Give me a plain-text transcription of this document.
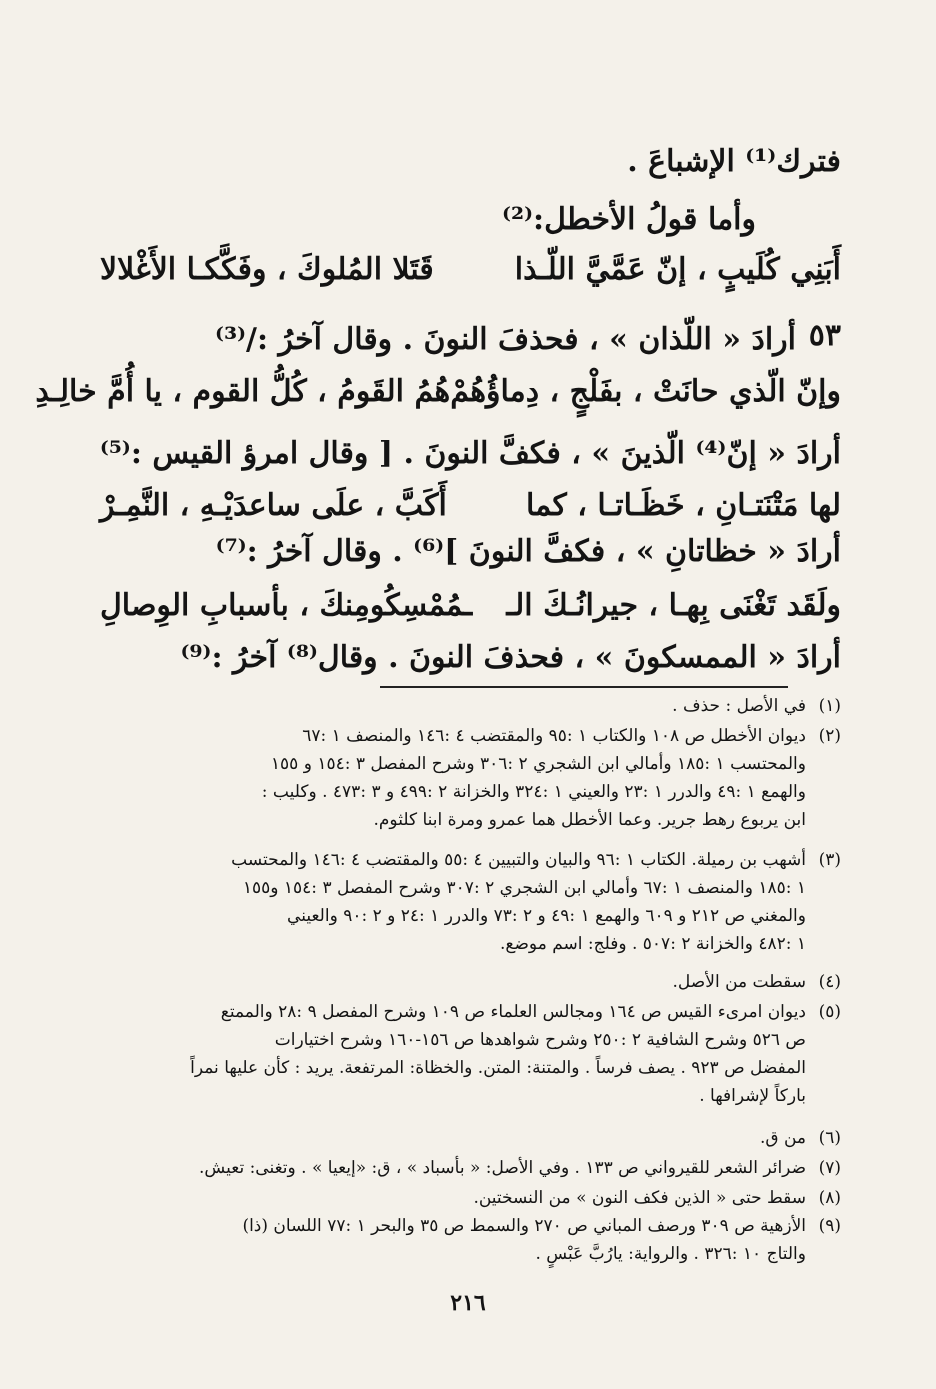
فترك⁽¹⁾ الإشباعَ .
وأما قولُ الأخطل:⁽²⁾
أَبَنِي كُلَيبٍ ، إنّ عَمَّيَّ اللّـذا
قَتَلا المُلوكَ ، وفَكَّكـا الأَغْلالا
٥٣
أرادَ « اللّذان » ، فحذفَ النونَ . وقال آخرُ :/⁽³⁾
وإنّ الّذي حانَتْ ، بفَلْجٍ ، دِماؤُهُمْ
هُمُ القَومُ ، كُلُّ القوم ، يا أُمَّ خالِـدِ
أرادَ « إنّ⁽⁴⁾ الّذينَ » ، فكفَّ النونَ . [ وقال امرؤ القيس :⁽⁵⁾
لها مَتْنَتـانِ ، خَظَـاتـا ، كما
أَكَبَّ ، علَى ساعدَيْـهِ ، النَّمِـرْ
أرادَ « خظاتانِ » ، فكفَّ النونَ ]⁽⁶⁾ . وقال آخرُ :⁽⁷⁾
ولَقَد تَغْنَى بِهـا ، جيرانُـكَ الـ
ـمُمْسِكُومِنكَ ، بأسبابِ الوِصالِ
أرادَ « الممسكونَ » ، فحذفَ النونَ . وقال⁽⁸⁾ آخرُ :⁽⁹⁾
(١)
في الأصل : حذف .
(٢)
ديوان الأخطل ص ١٠٨ والكتاب ١ :٩٥ والمقتضب ٤ :١٤٦ والمنصف ١ :٦٧
والمحتسب ١ :١٨٥ وأمالي ابن الشجري ٢ :٣٠٦ وشرح المفصل ٣ :١٥٤ و ١٥٥
والهمع ١ :٤٩ والدرر ١ :٢٣ والعيني ١ :٣٢٤ والخزانة ٢ :٤٩٩ و ٣ :٤٧٣ . وكليب :
ابن يربوع رهط جرير. وعما الأخطل هما عمرو ومرة ابنا كلثوم.
(٣)
أشهب بن رميلة. الكتاب ١ :٩٦ والبيان والتبيين ٤ :٥٥ والمقتضب ٤ :١٤٦ والمحتسب
١ :١٨٥ والمنصف ١ :٦٧ وأمالي ابن الشجري ٢ :٣٠٧ وشرح المفصل ٣ :١٥٤ و١٥٥
والمغني ص ٢١٢ و ٦٠٩ والهمع ١ :٤٩ و ٢ :٧٣ والدرر ١ :٢٤ و ٢ :٩٠ والعيني
١ :٤٨٢ والخزانة ٢ :٥٠٧ . وفلج: اسم موضع.
(٤)
سقطت من الأصل.
(٥)
ديوان امرىء القيس ص ١٦٤ ومجالس العلماء ص ١٠٩ وشرح المفصل ٩ :٢٨ والممتع
ص ٥٢٦ وشرح الشافية ٢ :٢٥٠ وشرح شواهدها ص ١٥٦-١٦٠ وشرح اختيارات
المفضل ص ٩٢٣ . يصف فرساً . والمتنة: المتن. والخظاة: المرتفعة. يريد : كأن عليها نمراً
باركاً لإشرافها .
(٦)
من ق.
(٧)
ضرائر الشعر للقيرواني ص ١٣٣ . وفي الأصل: « بأسباد » ، ق: «إيعيا » . وتغنى: تعيش.
(٨)
سقط حتى « الذين فكف النون » من النسختين.
(٩)
الأزهية ص ٣٠٩ ورصف المباني ص ٢٧٠ والسمط ص ٣٥ والبحر ١ :٧٧ اللسان (ذا)
والتاج ١٠ :٣٢٦ . والرواية: يارُبَّ عَبْسٍ .
٢١٦
